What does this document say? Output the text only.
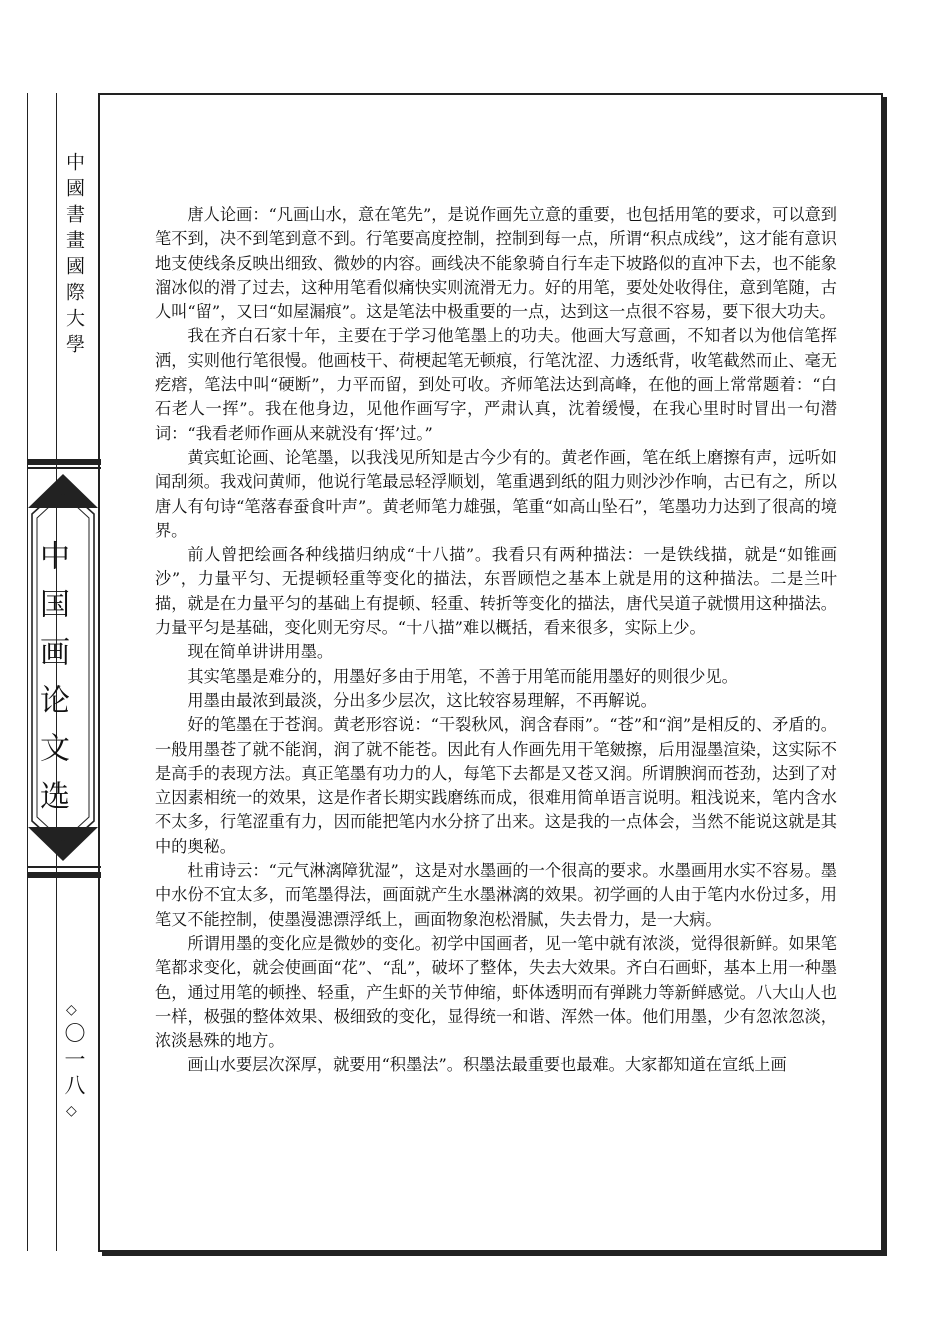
中國書畫國際大學
中国画论文选
◇
〇一八
◇

唐人论画：“凡画山水，意在笔先”，是说作画先立意的重要，也包括用笔的要求，可以意到笔不到，决不到笔到意不到。行笔要高度控制，控制到每一点，所谓“积点成线”，这才能有意识地支使线条反映出细致、微妙的内容。画线决不能象骑自行车走下坡路似的直冲下去，也不能象溜冰似的滑了过去，这种用笔看似痛快实则流滑无力。好的用笔，要处处收得住，意到笔随，古人叫“留”，又曰“如屋漏痕”。这是笔法中极重要的一点，达到这一点很不容易，要下很大功夫。

我在齐白石家十年，主要在于学习他笔墨上的功夫。他画大写意画，不知者以为他信笔挥洒，实则他行笔很慢。他画枝干、荷梗起笔无顿痕，行笔沈涩、力透纸背，收笔截然而止、毫无疙瘩，笔法中叫“硬断”，力平而留，到处可收。齐师笔法达到高峰，在他的画上常常题着：“白石老人一挥”。我在他身边，见他作画写字，严肃认真，沈着缓慢，在我心里时时冒出一句潜词：“我看老师作画从来就没有‘挥’过。”

黄宾虹论画、论笔墨，以我浅见所知是古今少有的。黄老作画，笔在纸上磨擦有声，远听如闻刮须。我戏问黄师，他说行笔最忌轻浮顺划，笔重遇到纸的阻力则沙沙作响，古已有之，所以唐人有句诗“笔落春蚕食叶声”。黄老师笔力雄强，笔重“如高山坠石”，笔墨功力达到了很高的境界。

前人曾把绘画各种线描归纳成“十八描”。我看只有两种描法：一是铁线描，就是“如锥画沙”，力量平匀、无提顿轻重等变化的描法，东晋顾恺之基本上就是用的这种描法。二是兰叶描，就是在力量平匀的基础上有提顿、轻重、转折等变化的描法，唐代吴道子就惯用这种描法。力量平匀是基础，变化则无穷尽。“十八描”难以概括，看来很多，实际上少。

现在简单讲讲用墨。

其实笔墨是难分的，用墨好多由于用笔，不善于用笔而能用墨好的则很少见。

用墨由最浓到最淡，分出多少层次，这比较容易理解，不再解说。

好的笔墨在于苍润。黄老形容说：“干裂秋风，润含春雨”。“苍”和“润”是相反的、矛盾的。一般用墨苍了就不能润，润了就不能苍。因此有人作画先用干笔皴擦，后用湿墨渲染，这实际不是高手的表现方法。真正笔墨有功力的人，每笔下去都是又苍又润。所谓腴润而苍劲，达到了对立因素相统一的效果，这是作者长期实践磨练而成，很难用简单语言说明。粗浅说来，笔内含水不太多，行笔涩重有力，因而能把笔内水分挤了出来。这是我的一点体会，当然不能说这就是其中的奥秘。

杜甫诗云：“元气淋漓障犹湿”，这是对水墨画的一个很高的要求。水墨画用水实不容易。墨中水份不宜太多，而笔墨得法，画面就产生水墨淋漓的效果。初学画的人由于笔内水份过多，用笔又不能控制，使墨漫漶漂浮纸上，画面物象泡松滑腻，失去骨力，是一大病。

所谓用墨的变化应是微妙的变化。初学中国画者，见一笔中就有浓淡，觉得很新鲜。如果笔笔都求变化，就会使画面“花”、“乱”，破坏了整体，失去大效果。齐白石画虾，基本上用一种墨色，通过用笔的顿挫、轻重，产生虾的关节伸缩，虾体透明而有弹跳力等新鲜感觉。八大山人也一样，极强的整体效果、极细致的变化，显得统一和谐、浑然一体。他们用墨，少有忽浓忽淡，浓淡悬殊的地方。

画山水要层次深厚，就要用“积墨法”。积墨法最重要也最难。大家都知道在宣纸上画
